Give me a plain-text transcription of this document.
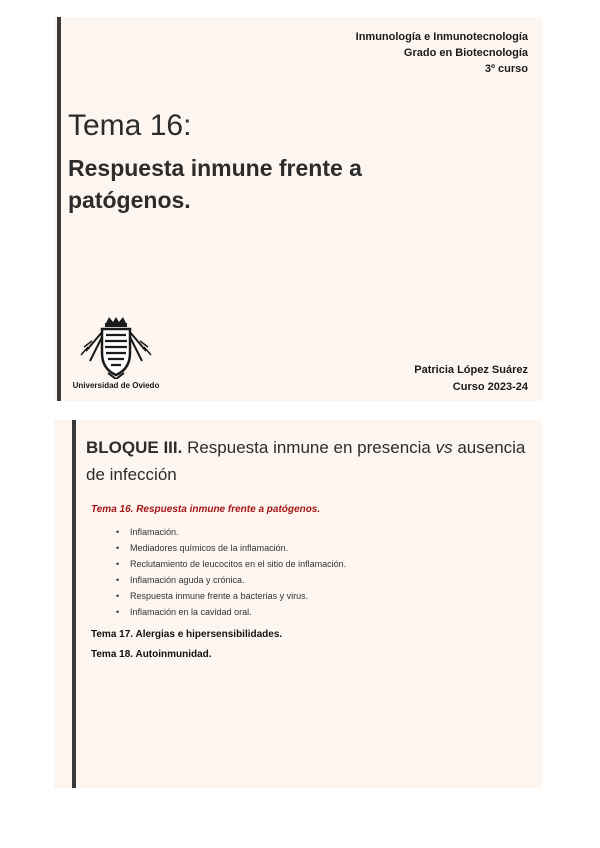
Inmunología e Inmunotecnología
Grado en Biotecnología
3º curso
Tema 16:
Respuesta inmune frente a patógenos.
Universidad de Oviedo
Patricia López Suárez
Curso 2023-24
BLOQUE III. Respuesta inmune en presencia vs ausencia de infección
Tema 16. Respuesta inmune frente a patógenos.
• Inflamación.
• Mediadores químicos de la inflamación.
• Reclutamiento de leucocitos en el sitio de inflamación.
• Inflamación aguda y crónica.
• Respuesta inmune frente a bacterias y virus.
• Inflamación en la cavidad oral.
Tema 17. Alergias e hipersensibilidades.
Tema 18. Autoinmunidad.
